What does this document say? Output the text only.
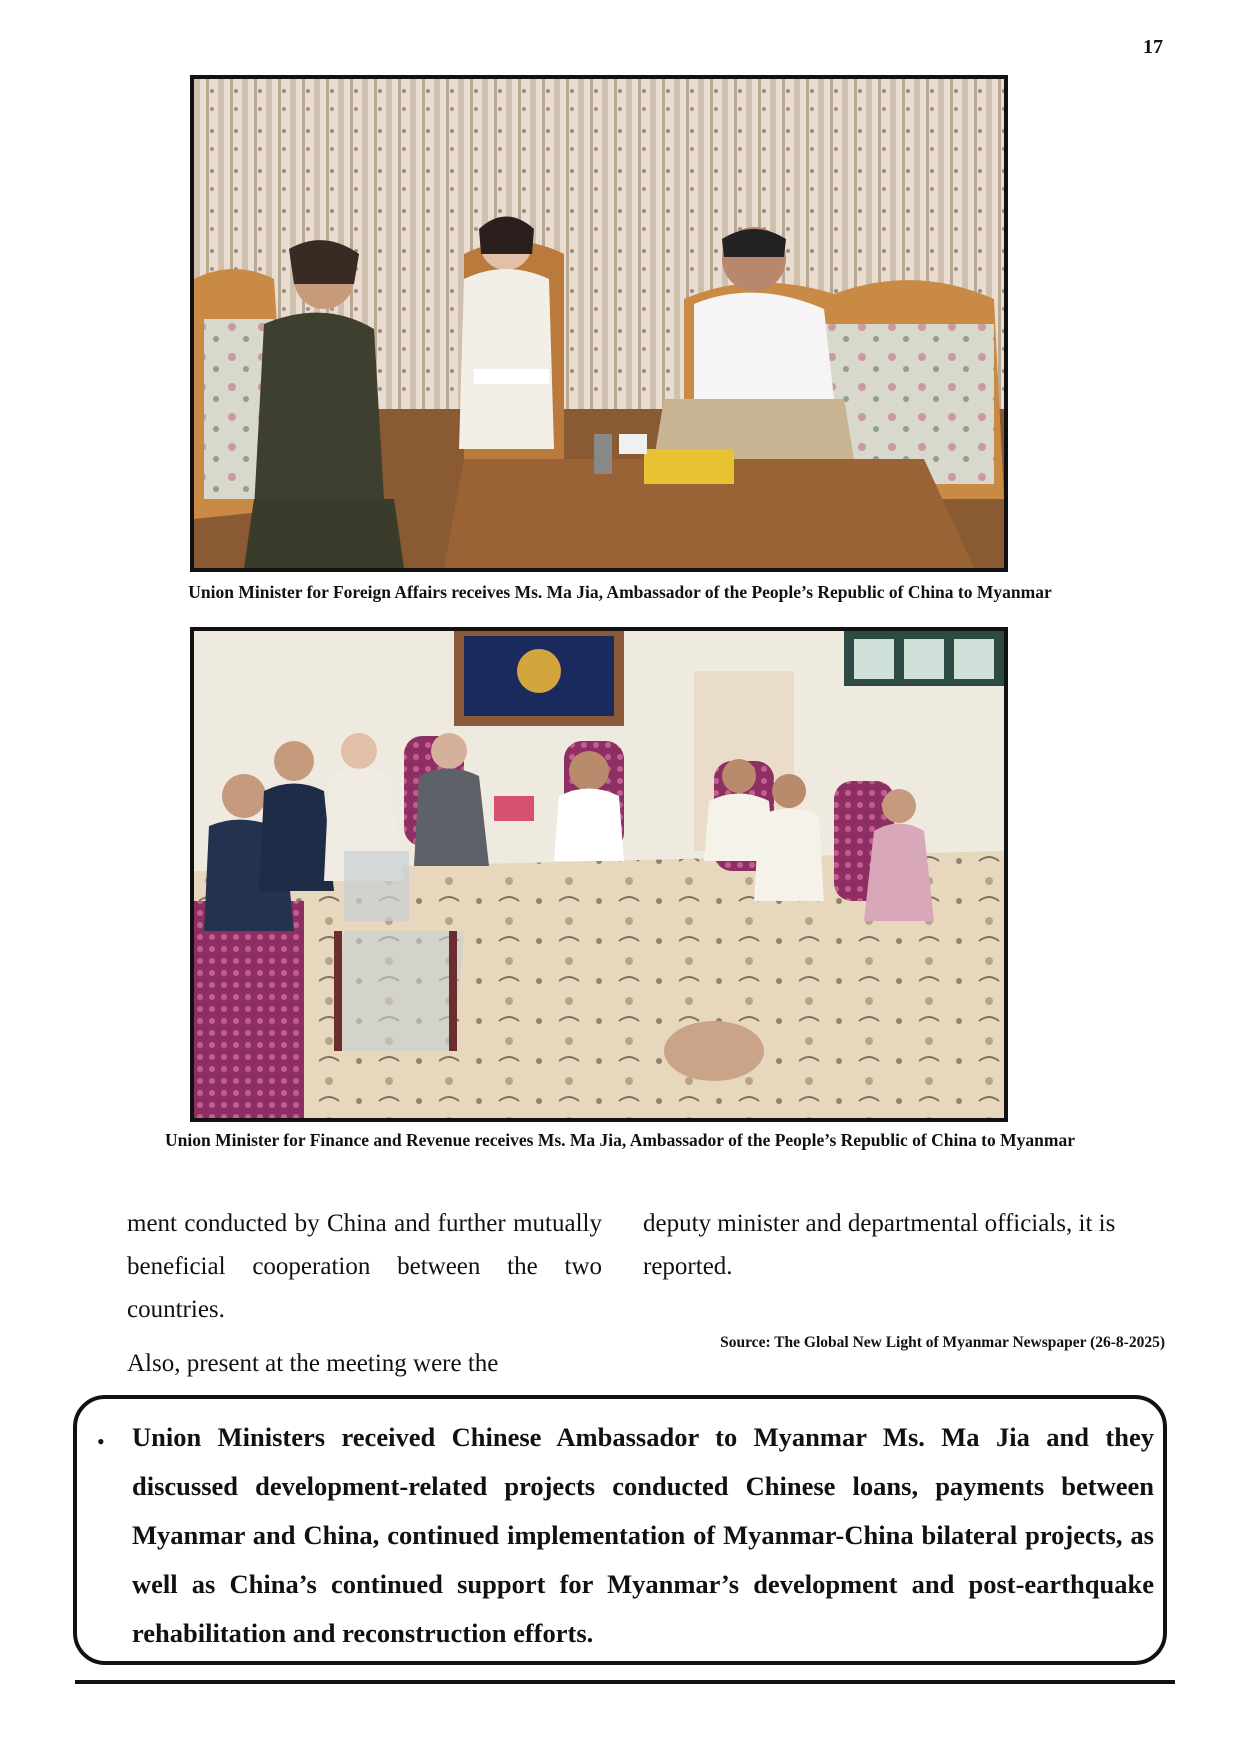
17
Union Minister for Foreign Affairs receives Ms. Ma Jia, Ambassador of the People’s Republic of China to Myanmar
Union Minister for Finance and Revenue receives Ms. Ma Jia, Ambassador of the People’s Republic of China to Myanmar

ment conducted by China and further mutually beneficial cooperation between the two countries.

Also, present at the meeting were the

deputy minister and departmental officials, it is reported.
Source: The Global New Light of Myanmar Newspaper (26-8-2025)
• Union Ministers received Chinese Ambassador to Myanmar Ms. Ma Jia and they discussed development-related projects conducted Chinese loans, payments between Myanmar and China, continued implementation of Myanmar-China bilateral projects, as well as China’s continued support for Myanmar’s development and post-earthquake rehabilitation and reconstruction efforts.
